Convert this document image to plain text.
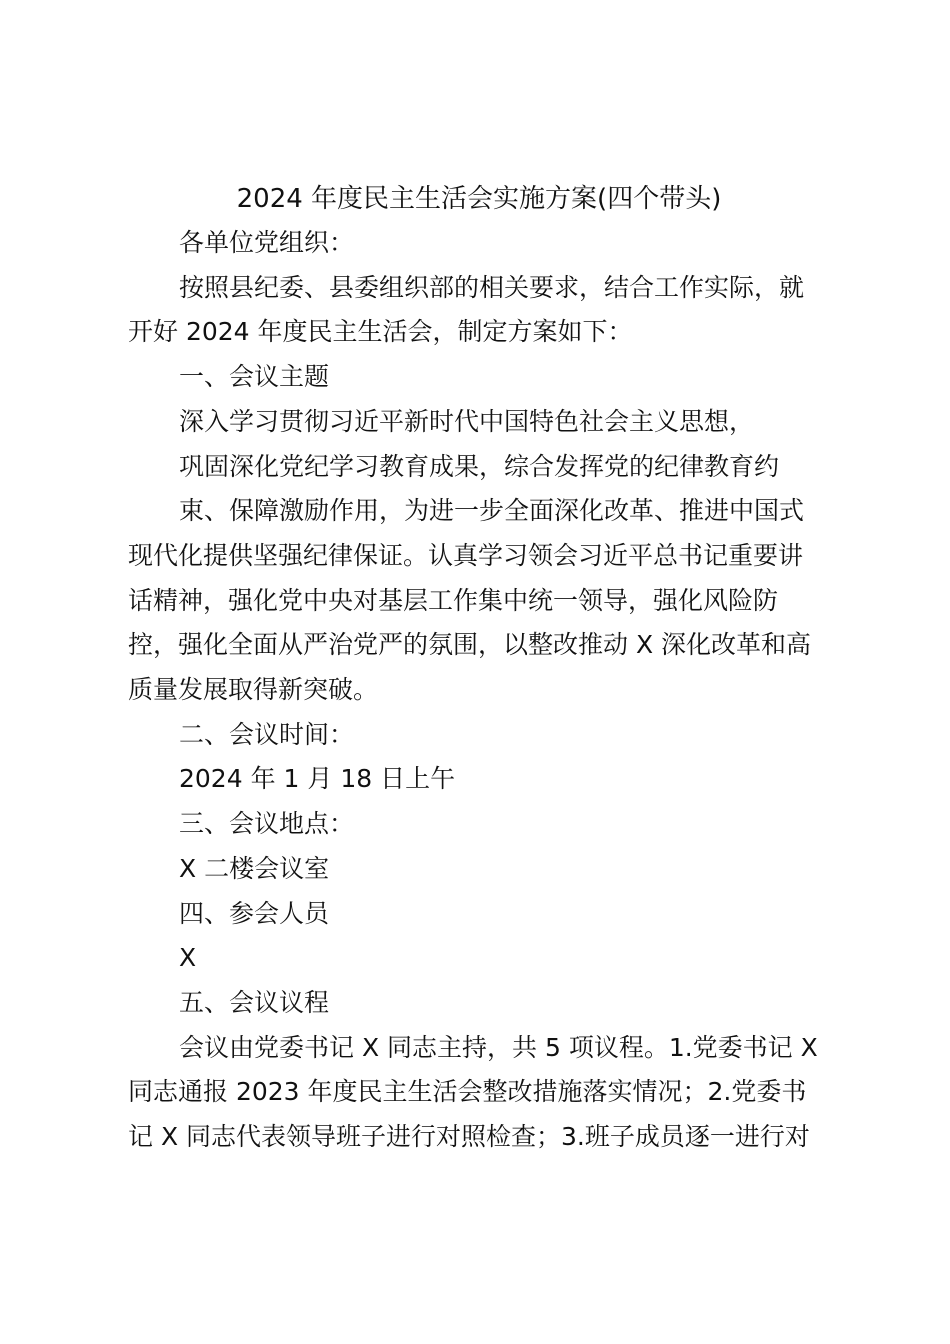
2024 年度民主生活会实施方案(四个带头)

各单位党组织：

按照县纪委、县委组织部的相关要求，结合工作实际，就

开好 2024 年度民主生活会，制定方案如下：

一、会议主题

深入学习贯彻习近平新时代中国特色社会主义思想，

巩固深化党纪学习教育成果，综合发挥党的纪律教育约

束、保障激励作用，为进一步全面深化改革、推进中国式

现代化提供坚强纪律保证。认真学习领会习近平总书记重要讲

话精神，强化党中央对基层工作集中统一领导，强化风险防

控，强化全面从严治党严的氛围，以整改推动 X 深化改革和高

质量发展取得新突破。

二、会议时间：

2024 年 1 月 18 日上午

三、会议地点：

X 二楼会议室

四、参会人员

X

五、会议议程

会议由党委书记 X 同志主持，共 5 项议程。1.党委书记 X

同志通报 2023 年度民主生活会整改措施落实情况；2.党委书

记 X 同志代表领导班子进行对照检查；3.班子成员逐一进行对
